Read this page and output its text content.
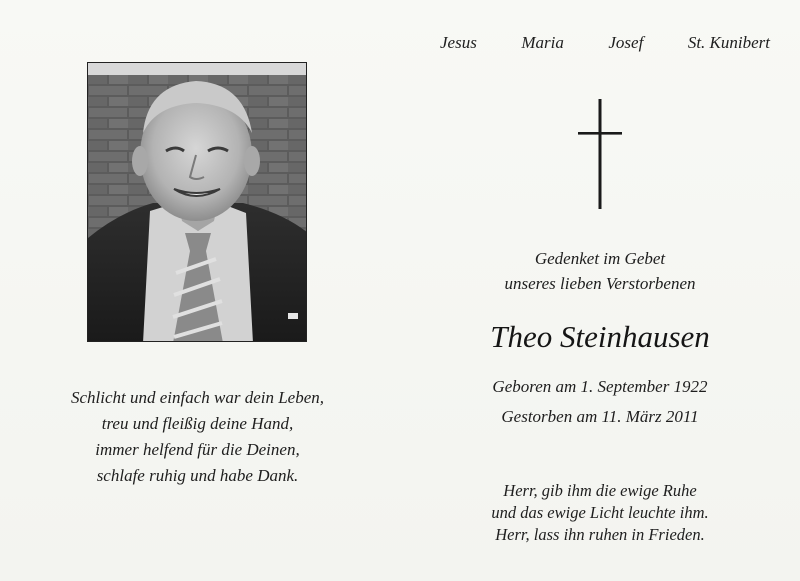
Jesus	Maria	Josef	St. Kunibert
Gedenket im Gebet
unseres lieben Verstorbenen
Theo Steinhausen
Geboren am 1. September 1922
Gestorben am 11. März 2011
Schlicht und einfach war dein Leben,
treu und fleißig deine Hand,
immer helfend für die Deinen,
schlafe ruhig und habe Dank.
Herr, gib ihm die ewige Ruhe
und das ewige Licht leuchte ihm.
Herr, lass ihn ruhen in Frieden.
